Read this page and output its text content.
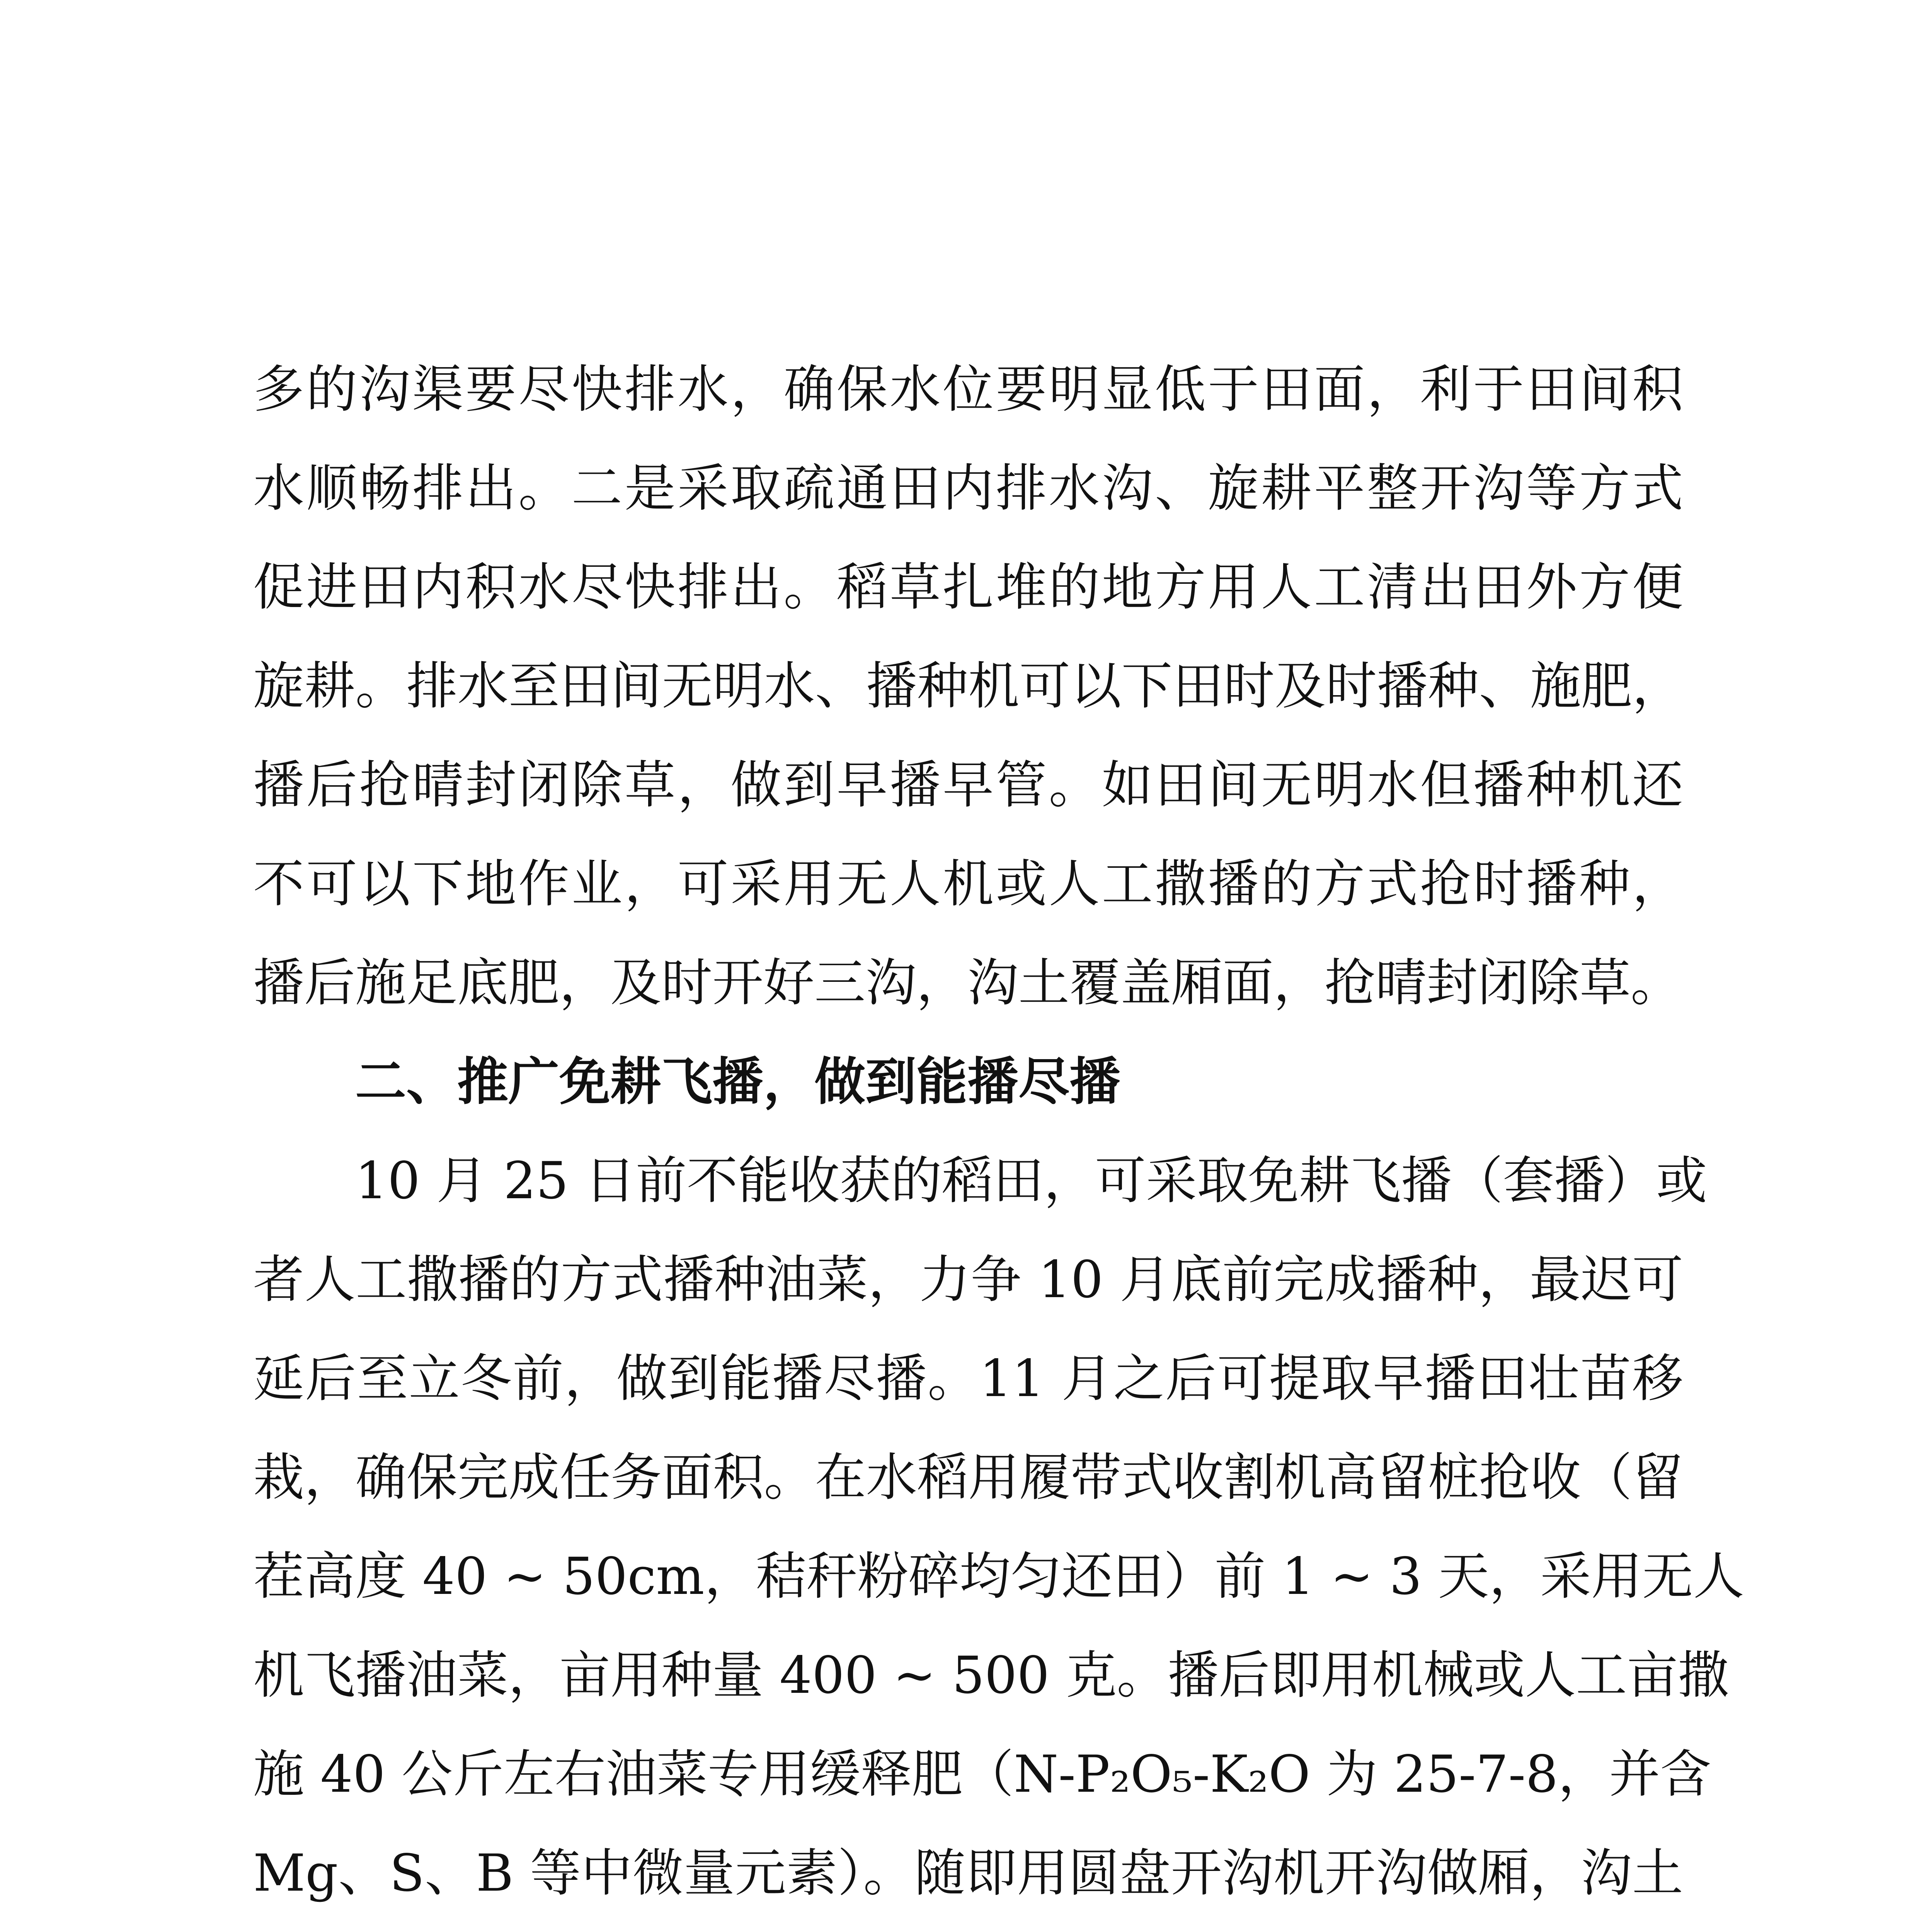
多的沟渠要尽快排水，确保水位要明显低于田面，利于田间积
水顺畅排出。二是采取疏通田内排水沟、旋耕平整开沟等方式
促进田内积水尽快排出。稻草扎堆的地方用人工清出田外方便
旋耕。排水至田间无明水、播种机可以下田时及时播种、施肥，
播后抢晴封闭除草，做到早播早管。如田间无明水但播种机还
不可以下地作业，可采用无人机或人工撒播的方式抢时播种，
播后施足底肥，及时开好三沟，沟土覆盖厢面，抢晴封闭除草。
二、推广免耕飞播，做到能播尽播
10 月 25 日前不能收获的稻田，可采取免耕飞播（套播）或
者人工撒播的方式播种油菜，力争 10 月底前完成播种，最迟可
延后至立冬前，做到能播尽播。11 月之后可提取早播田壮苗移
栽，确保完成任务面积。在水稻用履带式收割机高留桩抢收（留
茬高度 40 ~ 50cm，秸秆粉碎均匀还田）前 1 ~ 3 天，采用无人
机飞播油菜，亩用种量 400 ~ 500 克。播后即用机械或人工亩撒
施 40 公斤左右油菜专用缓释肥（N-P₂O₅-K₂O 为 25-7-8，并含
Mg、S、B 等中微量元素）。随即用圆盘开沟机开沟做厢，沟土
